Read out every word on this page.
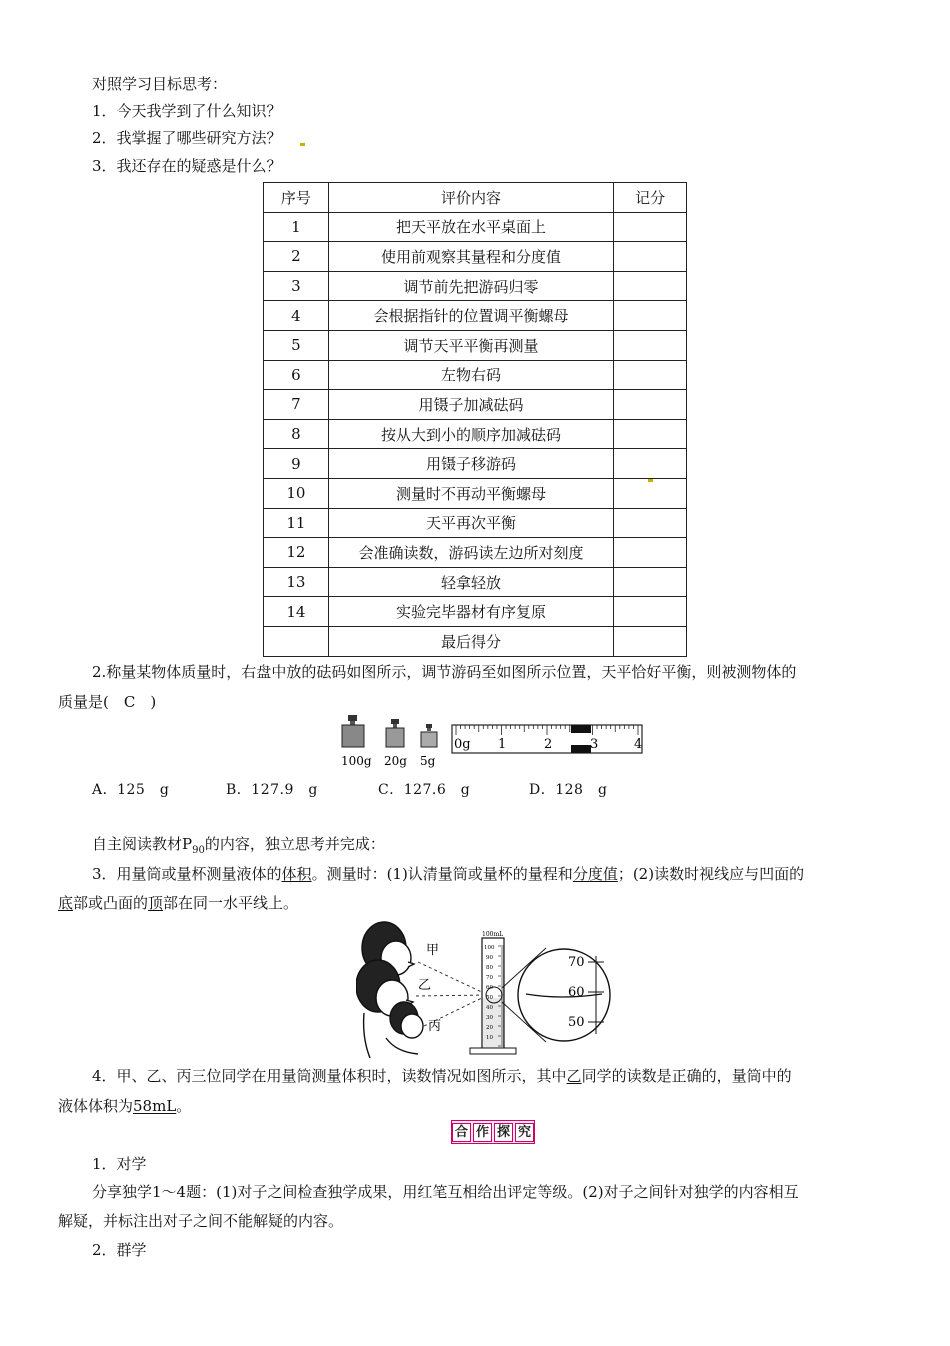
对照学习目标思考：
1．今天我学到了什么知识？
2．我掌握了哪些研究方法？
3．我还存在的疑惑是什么？
序号	评价内容	记分
1	把天平放在水平桌面上	
2	使用前观察其量程和分度值	
3	调节前先把游码归零	
4	会根据指针的位置调平衡螺母	
5	调节天平平衡再测量	
6	左物右码	
7	用镊子加减砝码	
8	按从大到小的顺序加减砝码	
9	用镊子移游码	
10	测量时不再动平衡螺母	
11	天平再次平衡	
12	会准确读数，游码读左边所对刻度	
13	轻拿轻放	
14	实验完毕器材有序复原	
	最后得分	
2.称量某物体质量时，右盘中放的砝码如图所示，调节游码至如图所示位置，天平恰好平衡，则被测物体的
质量是(　C　)
100g 20g 5g
0g 1	2	3	4
A．125　g	B．127.9　g	C．127.6　g	D．128　g
自主阅读教材$P_{90}$的内容，独立思考并完成：
3．用量筒或量杯测量液体的体积。测量时：(1)认清量筒或量杯的量程和分度值；(2)读数时视线应与凹面的
底部或凸面的顶部在同一水平线上。
甲
乙
丙
100mL
100
90
80
70
60
50
40
30
20
10
70
60
50
4．甲、乙、丙三位同学在用量筒测量体积时，读数情况如图所示，其中乙同学的读数是正确的，量筒中的
液体体积为58mL。
合 作 探 究
1．对学
分享独学1～4题：(1)对子之间检查独学成果，用红笔互相给出评定等级。(2)对子之间针对独学的内容相互
解疑，并标注出对子之间不能解疑的内容。
2．群学
